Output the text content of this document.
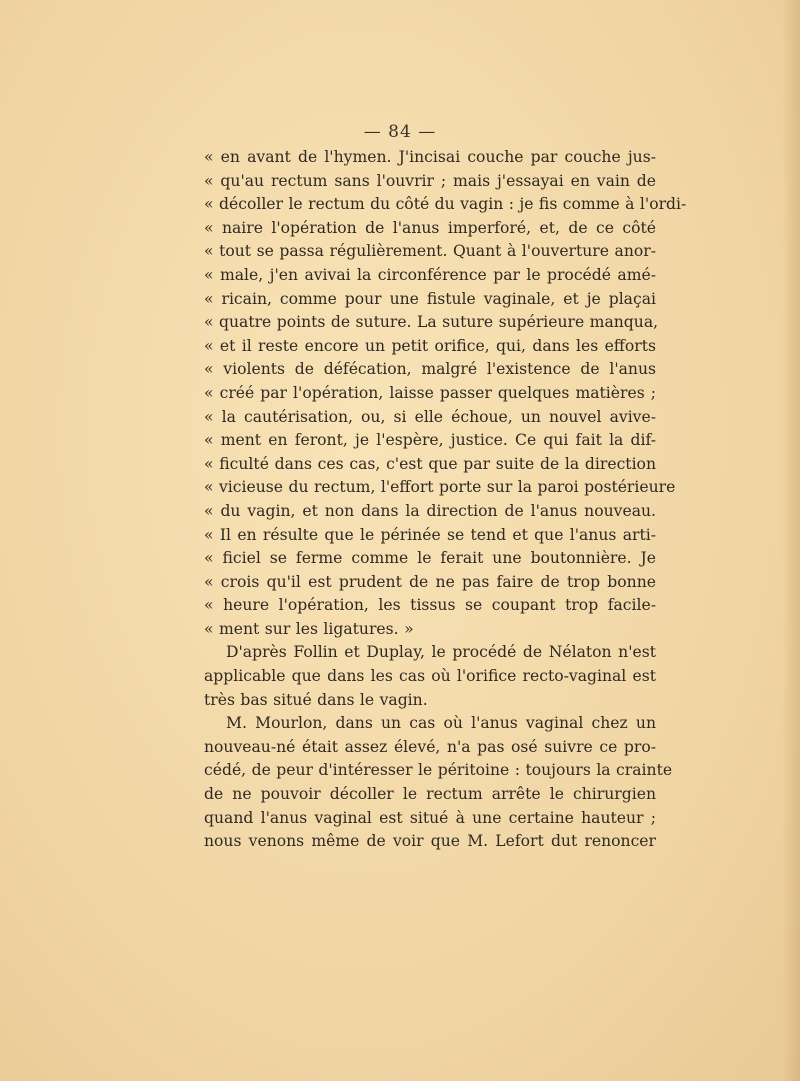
— 84 —
« en avant de l'hymen. J'incisai couche par couche jus-
« qu'au rectum sans l'ouvrir ; mais j'essayai en vain de
« décoller le rectum du côté du vagin : je fis comme à l'ordi-
« naire l'opération de l'anus imperforé, et, de ce côté
« tout se passa régulièrement. Quant à l'ouverture anor-
« male, j'en avivai la circonférence par le procédé amé-
« ricain, comme pour une fistule vaginale, et je plaçai
« quatre points de suture. La suture supérieure manqua,
« et il reste encore un petit orifice, qui, dans les efforts
« violents de défécation, malgré l'existence de l'anus
« créé par l'opération, laisse passer quelques matières ;
« la cautérisation, ou, si elle échoue, un nouvel avive-
« ment en feront, je l'espère, justice. Ce qui fait la dif-
« ficulté dans ces cas, c'est que par suite de la direction
« vicieuse du rectum, l'effort porte sur la paroi postérieure
« du vagin, et non dans la direction de l'anus nouveau.
« Il en résulte que le périnée se tend et que l'anus arti-
« ficiel se ferme comme le ferait une boutonnière. Je
« crois qu'il est prudent de ne pas faire de trop bonne
« heure l'opération, les tissus se coupant trop facile-
« ment sur les ligatures. »
D'après Follin et Duplay, le procédé de Nélaton n'est
applicable que dans les cas où l'orifice recto-vaginal est
très bas situé dans le vagin.
M. Mourlon, dans un cas où l'anus vaginal chez un
nouveau-né était assez élevé, n'a pas osé suivre ce pro-
cédé, de peur d'intéresser le péritoine : toujours la crainte
de ne pouvoir décoller le rectum arrête le chirurgien
quand l'anus vaginal est situé à une certaine hauteur ;
nous venons même de voir que M. Lefort dut renoncer
